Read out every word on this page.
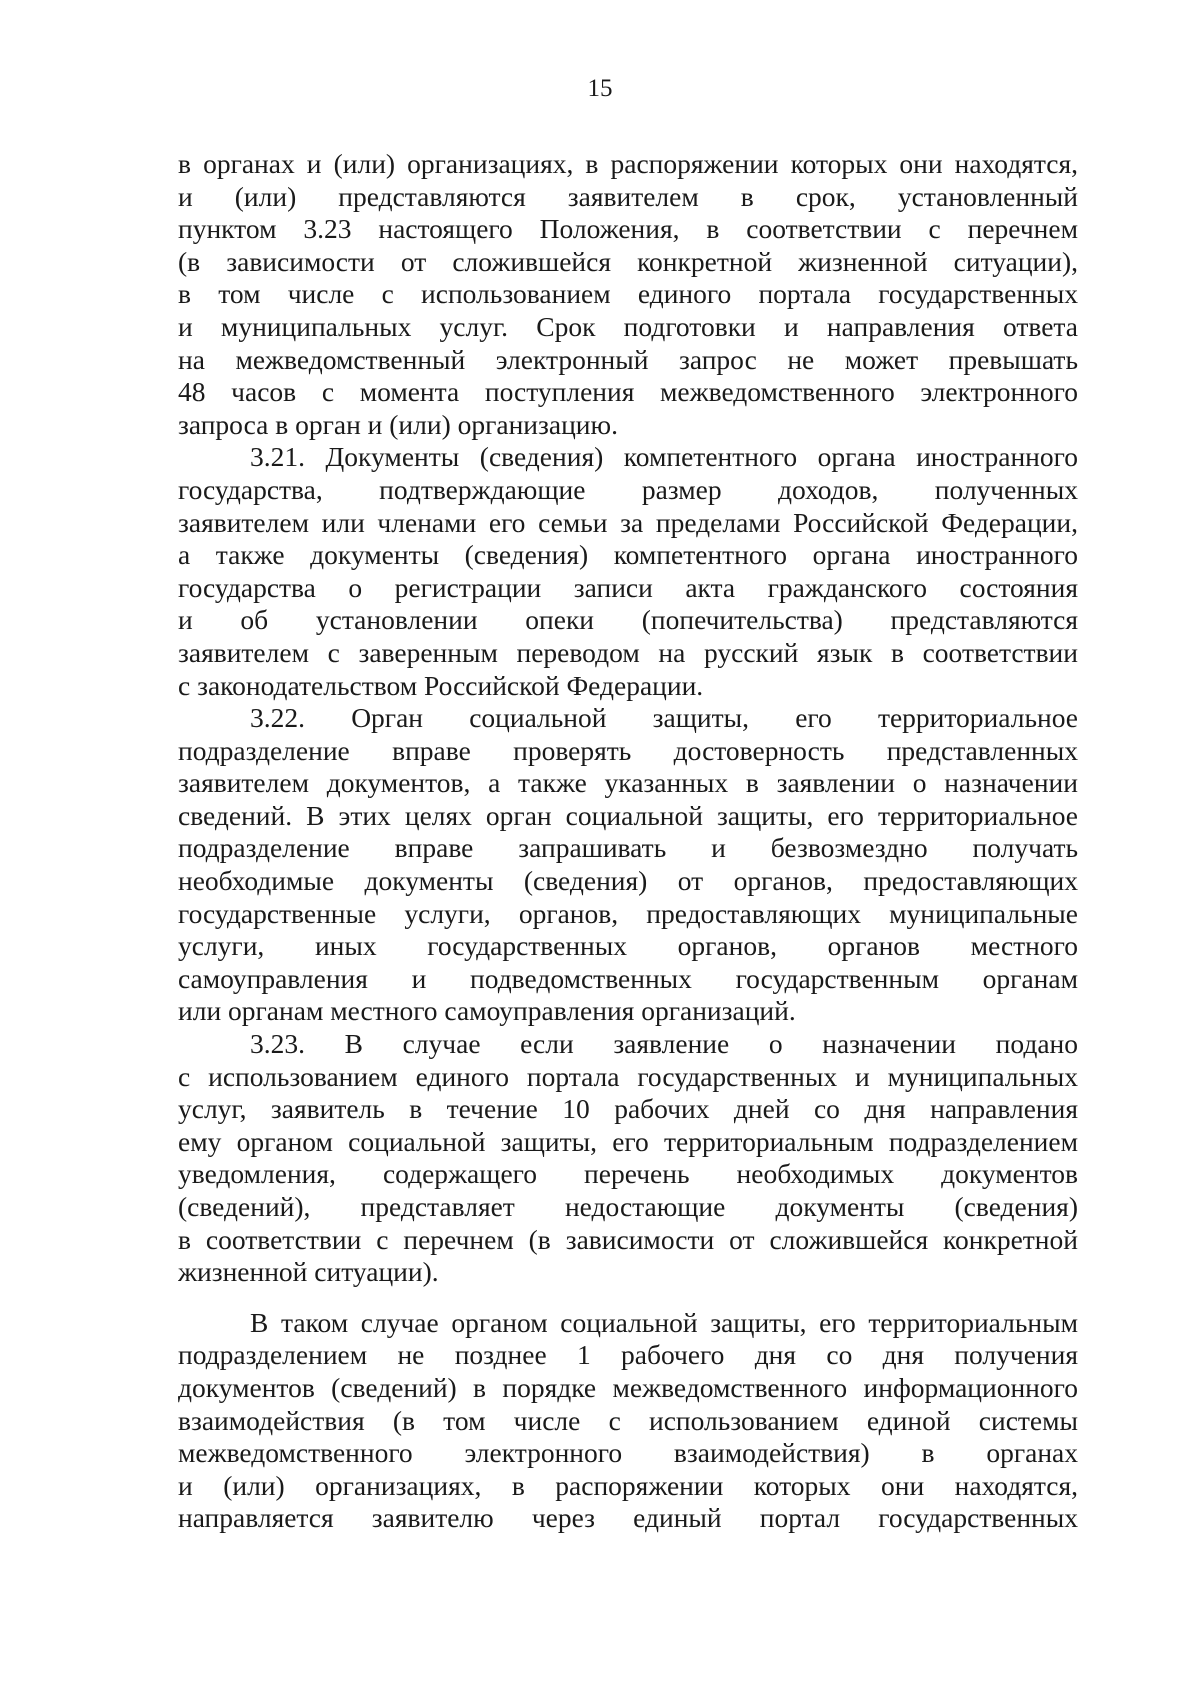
15
в органах и (или) организациях, в распоряжении которых они находятся,
и (или) представляются заявителем в срок, установленный
пунктом 3.23 настоящего Положения, в соответствии с перечнем
(в зависимости от сложившейся конкретной жизненной ситуации),
в том числе с использованием единого портала государственных
и муниципальных услуг. Срок подготовки и направления ответа
на межведомственный электронный запрос не может превышать
48 часов с момента поступления межведомственного электронного
запроса в орган и (или) организацию.
3.21. Документы (сведения) компетентного органа иностранного
государства, подтверждающие размер доходов, полученных
заявителем или членами его семьи за пределами Российской Федерации,
а также документы (сведения) компетентного органа иностранного
государства о регистрации записи акта гражданского состояния
и об установлении опеки (попечительства) представляются
заявителем с заверенным переводом на русский язык в соответствии
с законодательством Российской Федерации.
3.22. Орган социальной защиты, его территориальное
подразделение вправе проверять достоверность представленных
заявителем документов, а также указанных в заявлении о назначении
сведений. В этих целях орган социальной защиты, его территориальное
подразделение вправе запрашивать и безвозмездно получать
необходимые документы (сведения) от органов, предоставляющих
государственные услуги, органов, предоставляющих муниципальные
услуги, иных государственных органов, органов местного
самоуправления и подведомственных государственным органам
или органам местного самоуправления организаций.
3.23. В случае если заявление о назначении подано
с использованием единого портала государственных и муниципальных
услуг, заявитель в течение 10 рабочих дней со дня направления
ему органом социальной защиты, его территориальным подразделением
уведомления, содержащего перечень необходимых документов
(сведений), представляет недостающие документы (сведения)
в соответствии с перечнем (в зависимости от сложившейся конкретной
жизненной ситуации).
В таком случае органом социальной защиты, его территориальным
подразделением не позднее 1 рабочего дня со дня получения
документов (сведений) в порядке межведомственного информационного
взаимодействия (в том числе с использованием единой системы
межведомственного электронного взаимодействия) в органах
и (или) организациях, в распоряжении которых они находятся,
направляется заявителю через единый портал государственных
